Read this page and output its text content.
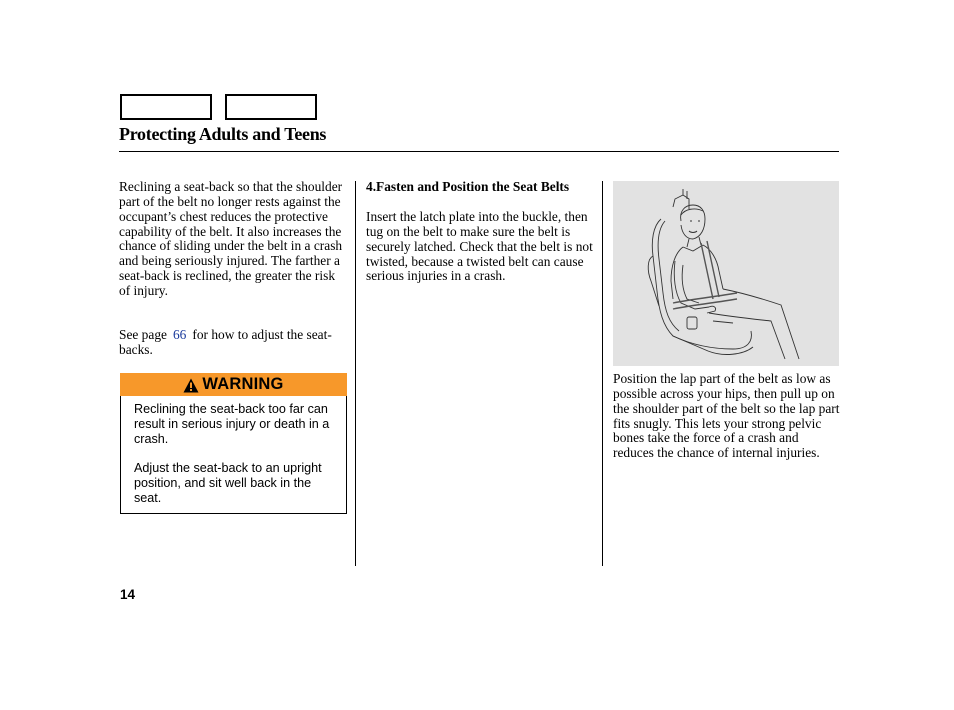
Protecting Adults and Teens

Reclining a seat-back so that the shoulder part of the belt no longer rests against the occupant’s chest reduces the protective capability of the belt. It also increases the chance of sliding under the belt in a crash and being seriously injured. The farther a seat-back is reclined, the greater the risk of injury.

See page 66 for how to adjust the seat-backs.

WARNING

Reclining the seat-back too far can result in serious injury or death in a crash.

Adjust the seat-back to an upright position, and sit well back in the seat.

4.Fasten and Position the Seat Belts

Insert the latch plate into the buckle, then tug on the belt to make sure the belt is securely latched. Check that the belt is not twisted, because a twisted belt can cause serious injuries in a crash.

Position the lap part of the belt as low as possible across your hips, then pull up on the shoulder part of the belt so the lap part fits snugly. This lets your strong pelvic bones take the force of a crash and reduces the chance of internal injuries.

14
